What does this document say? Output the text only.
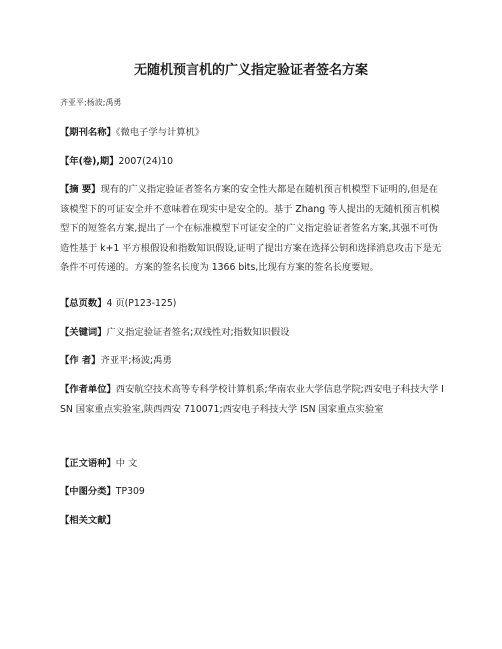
无随机预言机的广义指定验证者签名方案
齐亚平;杨波;禹勇
【期刊名称】《微电子学与计算机》
【年(卷),期】2007(24)10
【摘 要】现有的广义指定验证者签名方案的安全性大都是在随机预言机模型下证明的,但是在该模型下的可证安全并不意味着在现实中是安全的。基于 Zhang 等人提出的无随机预言机模型下的短签名方案,提出了一个在标准模型下可证安全的广义指定验证者签名方案,其强不可伪造性基于 k+1 平方根假设和指数知识假设,证明了提出方案在选择公钥和选择消息攻击下是无条件不可传递的。方案的签名长度为 1366 bits,比现有方案的签名长度要短。
【总页数】4 页(P123-125)
【关键词】广义指定验证者签名;双线性对;指数知识假设
【作 者】齐亚平;杨波;禹勇
【作者单位】西安航空技术高等专科学校计算机系;华南农业大学信息学院;西安电子科技大学 ISN 国家重点实验室,陕西西安 710071;西安电子科技大学 ISN 国家重点实验室
【正文语种】中 文
【中图分类】TP309
【相关文献】
